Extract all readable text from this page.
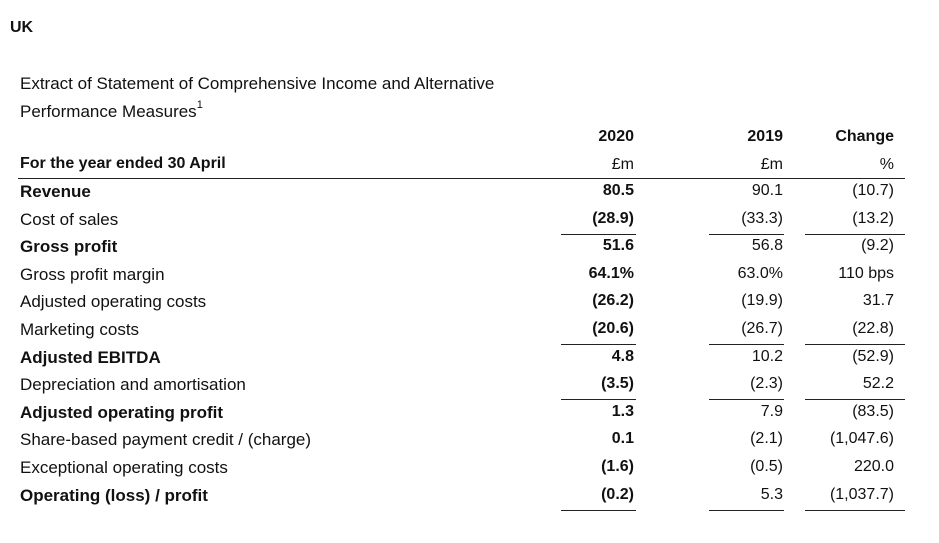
UK
Extract of Statement of Comprehensive Income and Alternative Performance Measures$^1$
2020	2019	Change
For the year ended 30 April	£m	£m	%
Revenue	80.5	90.1	(10.7)
Cost of sales	(28.9)	(33.3)	(13.2)
Gross profit	51.6	56.8	(9.2)
Gross profit margin	64.1%	63.0%	110 bps
Adjusted operating costs	(26.2)	(19.9)	31.7
Marketing costs	(20.6)	(26.7)	(22.8)
Adjusted EBITDA	4.8	10.2	(52.9)
Depreciation and amortisation	(3.5)	(2.3)	52.2
Adjusted operating profit	1.3	7.9	(83.5)
Share-based payment credit / (charge)	0.1	(2.1)	(1,047.6)
Exceptional operating costs	(1.6)	(0.5)	220.0
Operating (loss) / profit	(0.2)	5.3	(1,037.7)
